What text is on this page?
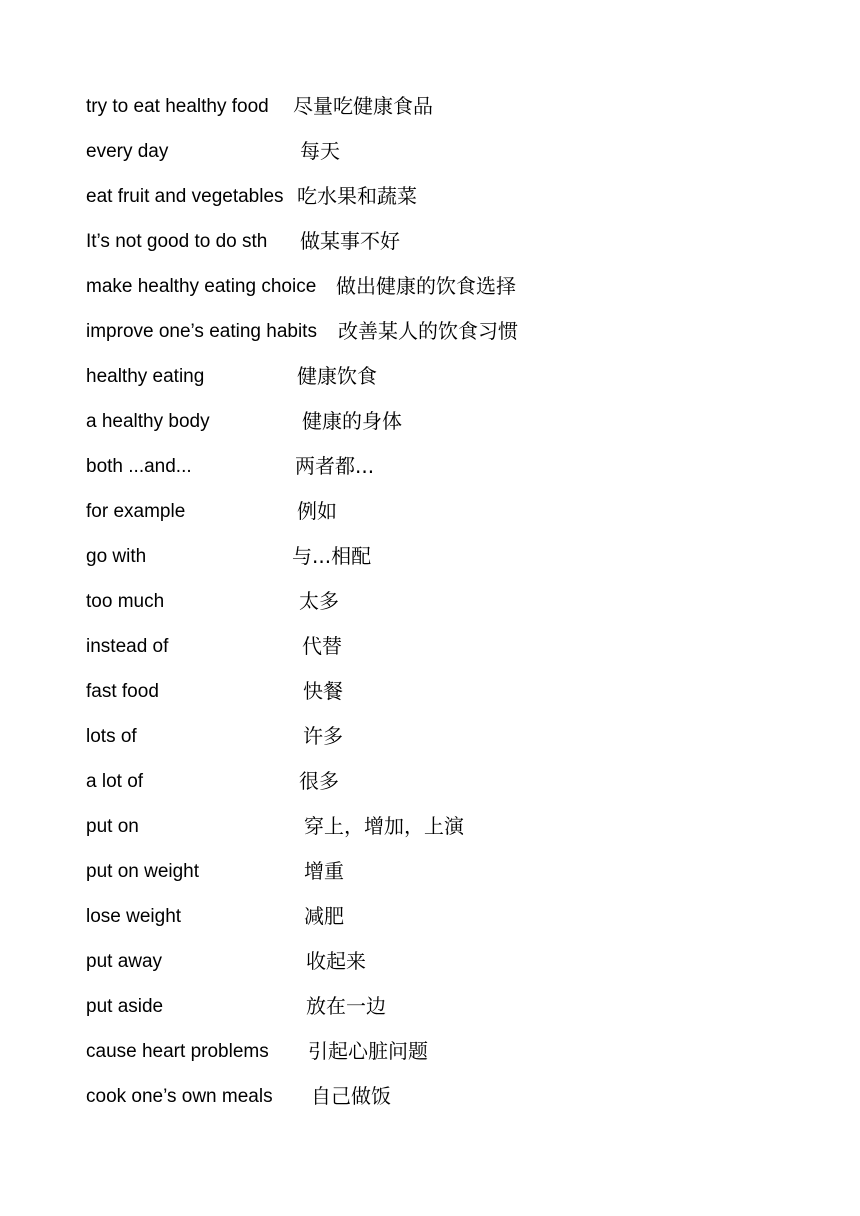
try to eat healthy food 尽量吃健康食品
every day	每天
eat fruit and vegetables 吃水果和蔬菜
It’s not good to do sth 做某事不好
make healthy eating choice 做出健康的饮食选择
improve one’s eating habits 改善某人的饮食习惯
healthy eating	健康饮食
a healthy body	健康的身体
both ...and...	两者都...
for example	例如
go with	与...相配
too much	太多
instead of	代替
fast food	快餐
lots of	许多
a lot of	很多
put on	穿上，增加，上演
put on weight	增重
lose weight	减肥
put away	收起来
put aside	放在一边
cause heart problems 引起心脏问题
cook one’s own meals 自己做饭
